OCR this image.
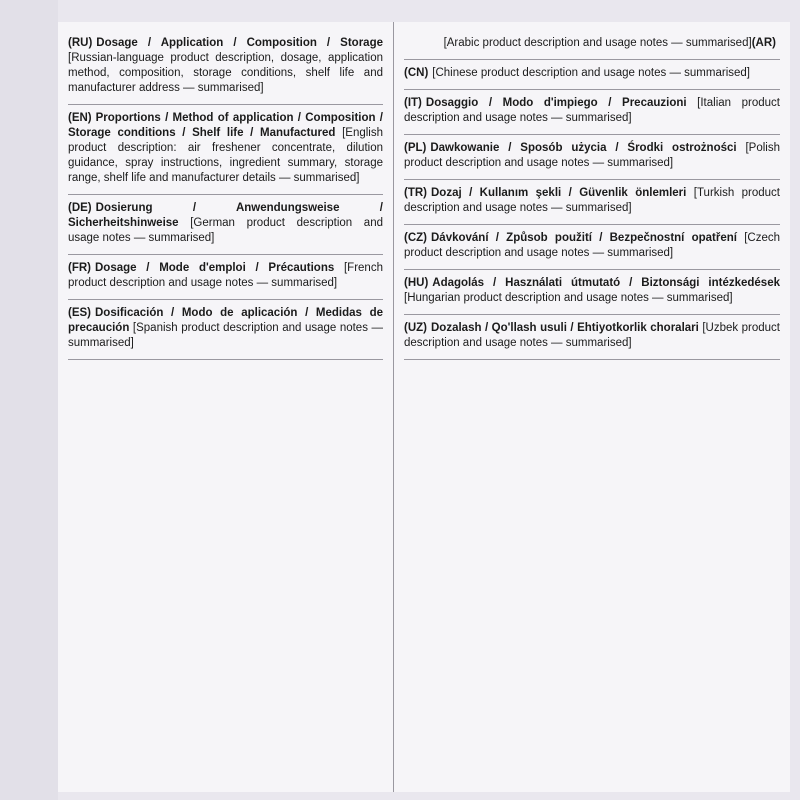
(RU) Dosage / Application / Composition / Storage [Russian-language product description, dosage, application method, composition, storage conditions, shelf life and manufacturer address — summarised]
(EN) Proportions / Method of application / Composition / Storage conditions / Shelf life / Manufactured [English product description: air freshener concentrate, dilution guidance, spray instructions, ingredient summary, storage range, shelf life and manufacturer details — summarised]
(DE) Dosierung / Anwendungsweise / Sicherheitshinweise [German product description and usage notes — summarised]
(FR) Dosage / Mode d'emploi / Précautions [French product description and usage notes — summarised]
(ES) Dosificación / Modo de aplicación / Medidas de precaución [Spanish product description and usage notes — summarised]
(AR)[Arabic product description and usage notes — summarised]
(CN) [Chinese product description and usage notes — summarised]
(IT) Dosaggio / Modo d'impiego / Precauzioni [Italian product description and usage notes — summarised]
(PL) Dawkowanie / Sposób użycia / Środki ostrożności [Polish product description and usage notes — summarised]
(TR) Dozaj / Kullanım şekli / Güvenlik önlemleri [Turkish product description and usage notes — summarised]
(CZ) Dávkování / Způsob použití / Bezpečnostní opatření [Czech product description and usage notes — summarised]
(HU) Adagolás / Használati útmutató / Biztonsági intézkedések [Hungarian product description and usage notes — summarised]
(UZ) Dozalash / Qo'llash usuli / Ehtiyotkorlik choralari [Uzbek product description and usage notes — summarised]
